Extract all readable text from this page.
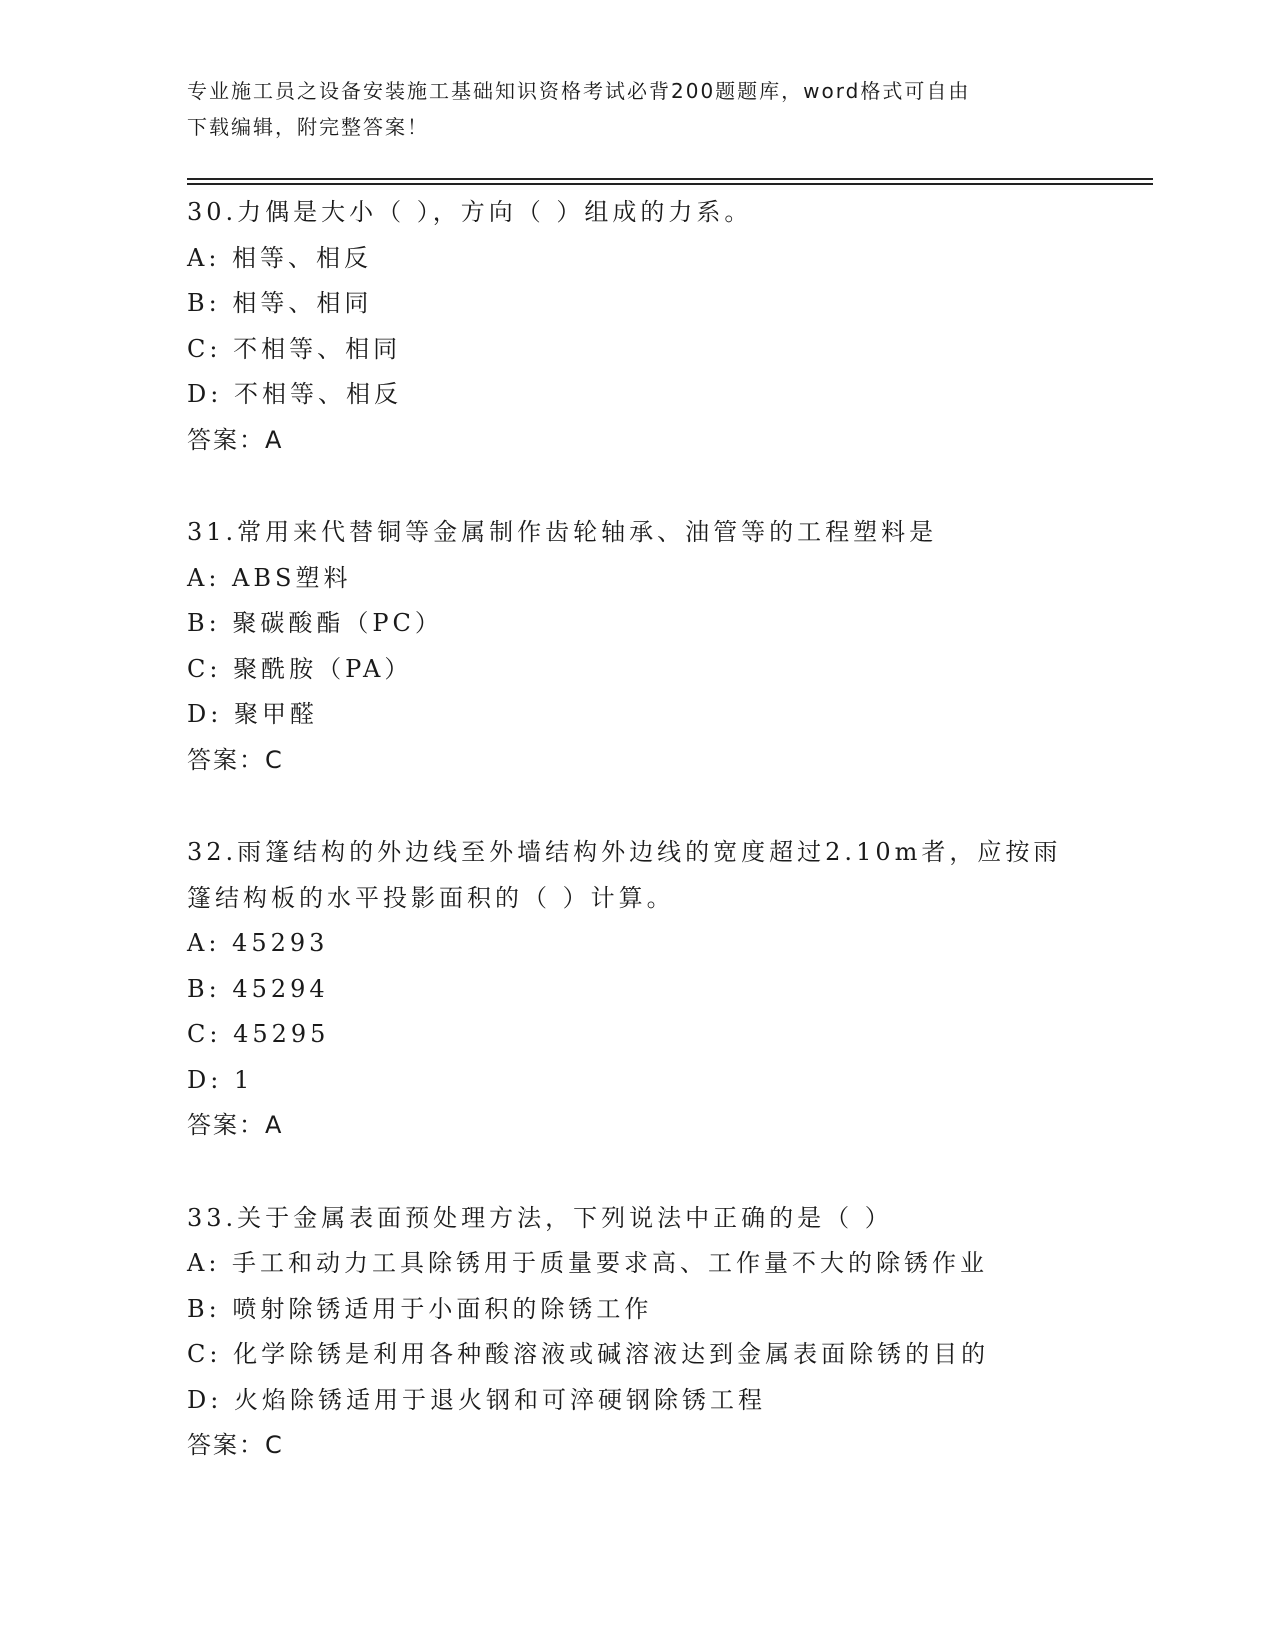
专业施工员之设备安装施工基础知识资格考试必背200题题库，word格式可自由
下载编辑，附完整答案！
30.力偶是大小（ ），方向（ ）组成的力系。
A: 相等、相反
B: 相等、相同
C: 不相等、相同
D: 不相等、相反
答案：A
31.常用来代替铜等金属制作齿轮轴承、油管等的工程塑料是
A: ABS塑料
B: 聚碳酸酯（PC）
C: 聚酰胺（PA）
D: 聚甲醛
答案：C
32.雨篷结构的外边线至外墙结构外边线的宽度超过2.10m者，应按雨
篷结构板的水平投影面积的（ ）计算。
A: 45293
B: 45294
C: 45295
D: 1
答案：A
33.关于金属表面预处理方法，下列说法中正确的是（ ）
A: 手工和动力工具除锈用于质量要求高、工作量不大的除锈作业
B: 喷射除锈适用于小面积的除锈工作
C: 化学除锈是利用各种酸溶液或碱溶液达到金属表面除锈的目的
D: 火焰除锈适用于退火钢和可淬硬钢除锈工程
答案：C
